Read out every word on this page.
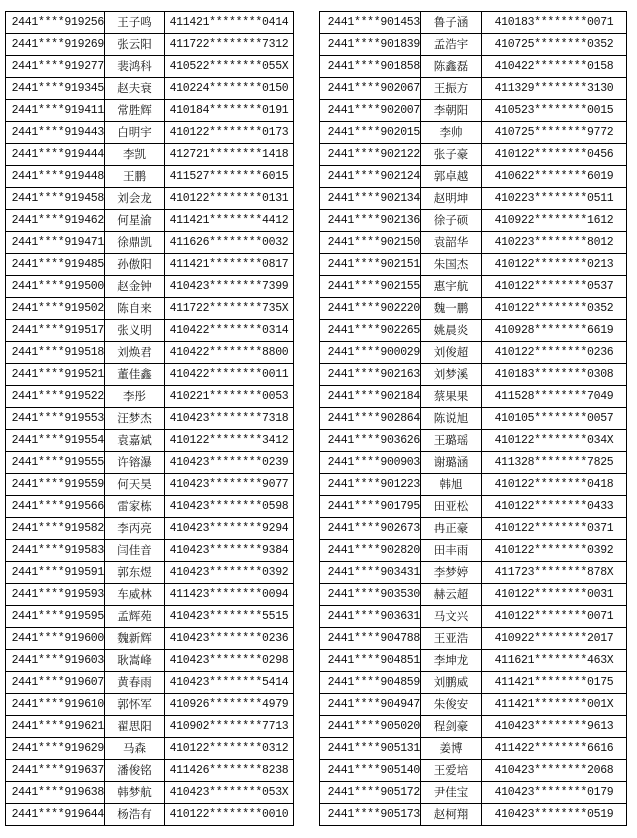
2441****919256	王子鸣	411421********0414
2441****919269	张云阳	411722********7312
2441****919277	裴鸿科	410522********055X
2441****919345	赵夫衰	410224********0150
2441****919411	常胜辉	410184********0191
2441****919443	白明宇	410122********0173
2441****919444	李凯	412721********1418
2441****919448	王鹏	411527********6015
2441****919458	刘会龙	410122********0131
2441****919462	何星渝	411421********4412
2441****919471	徐鼎凯	411626********0032
2441****919485	孙傲阳	411421********0817
2441****919500	赵金钟	410423********7399
2441****919502	陈自来	411722********735X
2441****919517	张义明	410422********0314
2441****919518	刘焕君	410422********8800
2441****919521	董佳鑫	410422********0011
2441****919522	李彤	410221********0053
2441****919553	汪梦杰	410423********7318
2441****919554	袁嘉斌	410122********3412
2441****919555	许镕瀑	410423********0239
2441****919559	何天昊	410423********9077
2441****919566	雷家栋	410423********0598
2441****919582	李丙亮	410423********9294
2441****919583	闫佳音	410423********9384
2441****919591	郭东煜	410423********0392
2441****919593	车威林	411423********0094
2441****919595	孟辉苑	410423********5515
2441****919600	魏新辉	410423********0236
2441****919603	耿嵩峰	410423********0298
2441****919607	黄春雨	410423********5414
2441****919610	郭怀军	410926********4979
2441****919621	翟思阳	410902********7713
2441****919629	马森	410122********0312
2441****919637	潘俊铭	411426********8238
2441****919638	韩梦航	410423********053X
2441****919644	杨浩有	410122********0010
2441****901453	鲁子涵	410183********0071
2441****901839	孟浩宇	410725********0352
2441****901858	陈鑫磊	410422********0158
2441****902067	王振方	411329********3130
2441****902007	李朝阳	410523********0015
2441****902015	李帅	410725********9772
2441****902122	张子豪	410122********0456
2441****902124	郭卓越	410622********6019
2441****902134	赵明坤	410223********0511
2441****902136	徐子硕	410922********1612
2441****902150	袁韶华	410223********8012
2441****902151	朱国杰	410122********0213
2441****902155	惠宇航	410122********0537
2441****902220	魏一鹏	410122********0352
2441****902265	姚晨炎	410928********6619
2441****900029	刘俊超	410122********0236
2441****902163	刘梦溪	410183********0308
2441****902184	蔡果果	411528********7049
2441****902864	陈说旭	410105********0057
2441****903626	王璐瑶	410122********034X
2441****900903	谢璐涵	411328********7825
2441****901223	韩旭	410122********0418
2441****901795	田亚松	410122********0433
2441****902673	冉正豪	410122********0371
2441****902820	田丰雨	410122********0392
2441****903431	李梦婷	411723********878X
2441****903530	赫云超	410122********0031
2441****903631	马文兴	410122********0071
2441****904788	王亚浩	410922********2017
2441****904851	李坤龙	411621********463X
2441****904859	刘鹏威	411421********0175
2441****904947	朱俊安	411421********001X
2441****905020	程剑豪	410423********9613
2441****905131	姜博	411422********6616
2441****905140	王爱培	410423********2068
2441****905172	尹佳宝	410423********0179
2441****905173	赵柯翔	410423********0519
